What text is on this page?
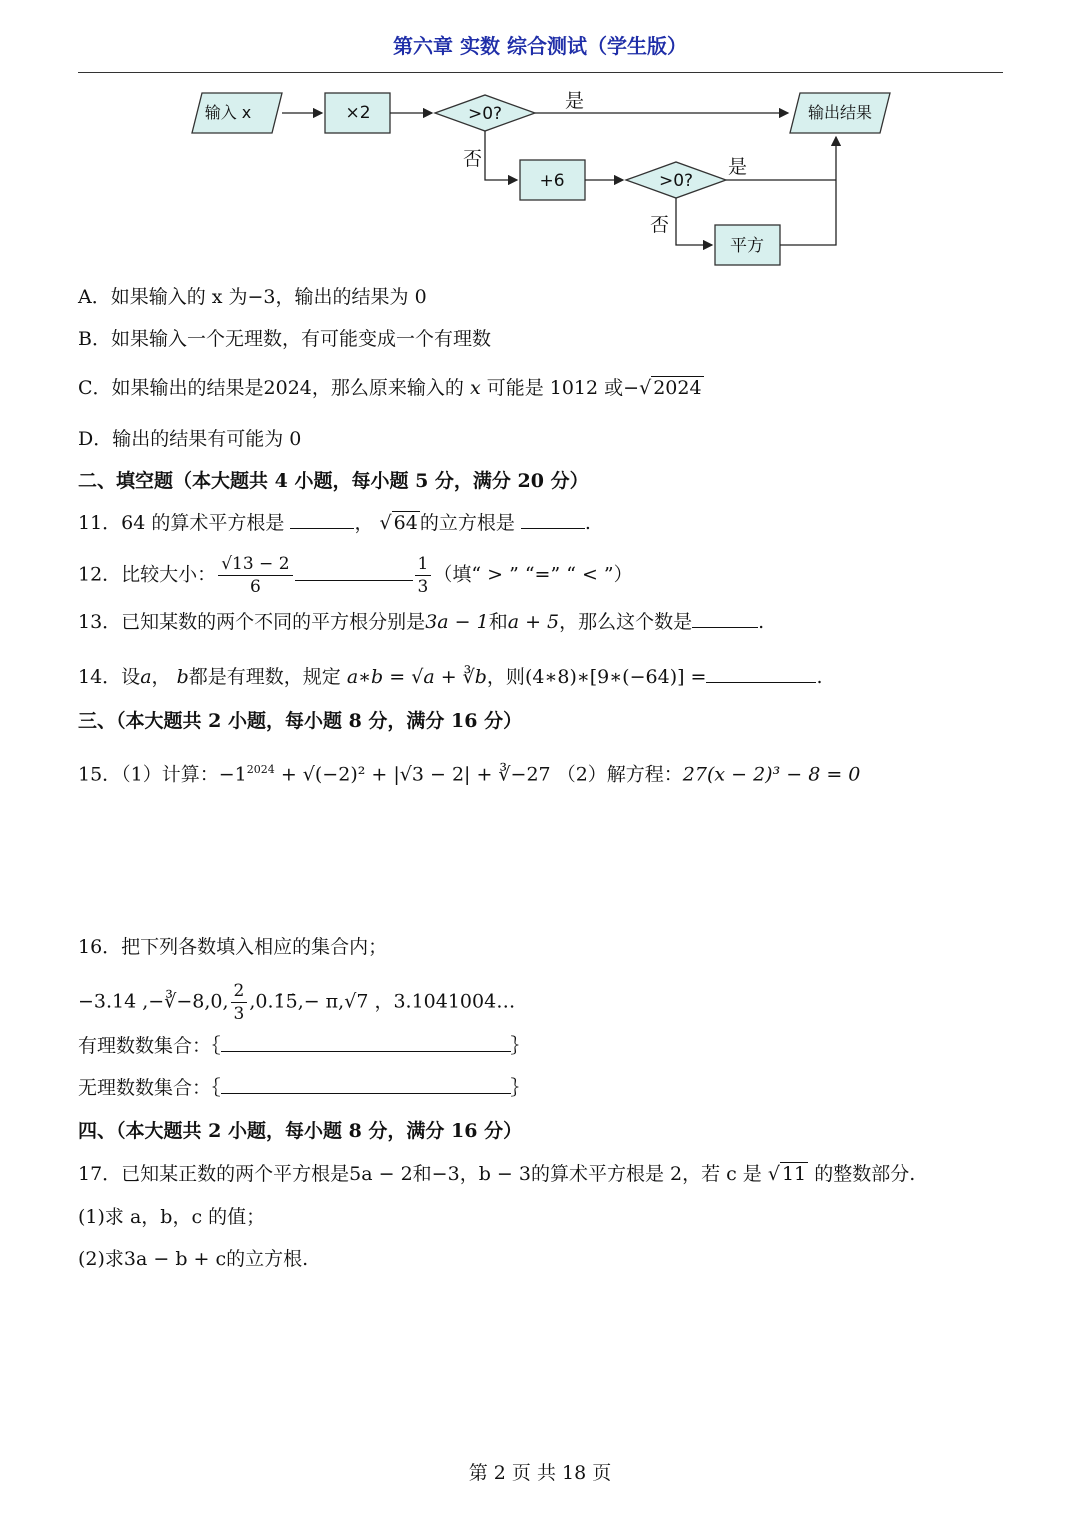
第六章 实数 综合测试（学生版）
输入 x	×2	>0?
是
输出结果
否
+6	>0?
是
否
平方
A．如果输入的 x 为−3，输出的结果为 0
B．如果输入一个无理数，有可能变成一个有理数
C．如果输出的结果是2024，那么原来输入的 x 可能是 1012 或−√ 2024
D．输出的结果有可能为 0
二、填空题（本大题共 4 小题，每小题 5 分，满分 20 分）
11．64 的算术平方根是	， √ 64 的立方根是	.
12．比较大小： $\frac{√13 - 2}{6}$	$\frac{1}{3}$ （填“ > ” “=” “ < ”）
13．已知某数的两个不同的平方根分别是3a − 1和a + 5，那么这个数是	.
14．设a， b都是有理数，规定 a∗b = √a + ∛b，则(4∗8)∗[9∗(−64)] =	.
三、（本大题共 2 小题，每小题 8 分，满分 16 分）
15．（1）计算：$-1^{2024} + √(-2)^2 + |√3 - 2|$ + ∛−27 （2）解方程：27(x − 2)³ − 8 = 0
16．把下列各数填入相应的集合内；
−3.14 ,−∛−8,0, $\frac{2}{3}$ ,0.1̇5̇,− π,√7 ，3.1041004…
有理数数集合：｛	｝
无理数数集合：｛	｝
四、（本大题共 2 小题，每小题 8 分，满分 16 分）
17．已知某正数的两个平方根是5a − 2和−3，b − 3的算术平方根是 2，若 c 是 √ 11 的整数部分.
(1)求 a，b，c 的值；
(2)求3a − b + c的立方根.
第 2 页 共 18 页
